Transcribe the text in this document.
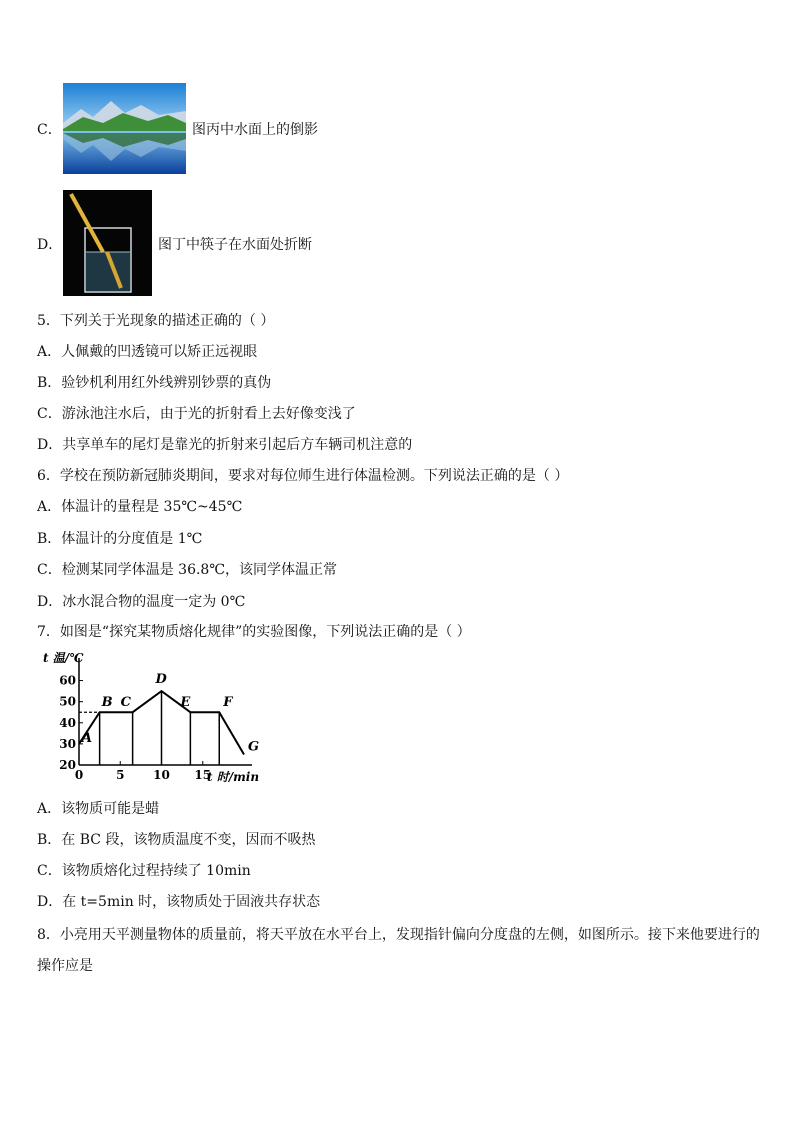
C．	图丙中水面上的倒影
D．	图丁中筷子在水面处折断
5．下列关于光现象的描述正确的（ ）
A．人佩戴的凹透镜可以矫正远视眼
B．验钞机利用红外线辨别钞票的真伪
C．游泳池注水后，由于光的折射看上去好像变浅了
D．共享单车的尾灯是靠光的折射来引起后方车辆司机注意的
6．学校在预防新冠肺炎期间，要求对每位师生进行体温检测。下列说法正确的是（ ）
A．体温计的量程是 35℃~45℃
B．体温计的分度值是 1℃
C．检测某同学体温是 36.8℃，该同学体温正常
D．冰水混合物的温度一定为 0℃
7．如图是“探究某物质熔化规律”的实验图像，下列说法正确的是（ ）
20
30
40
50
60
0	5 10 15
A
B C
D
E	F
G
t 温/℃
t 时/min
A．该物质可能是蜡
B．在 BC 段，该物质温度不变，因而不吸热
C．该物质熔化过程持续了 10min
D．在 t=5min 时，该物质处于固液共存状态
8．小亮用天平测量物体的质量前，将天平放在水平台上，发现指针偏向分度盘的左侧，如图所示。接下来他要进行的
操作应是
